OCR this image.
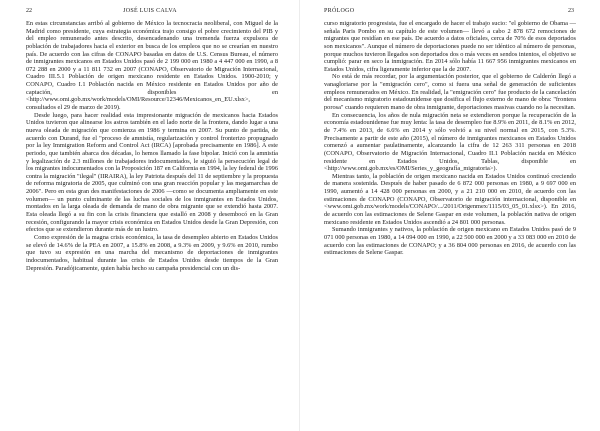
22	JOSÉ LUIS CALVA

En estas circunstancias arribó al gobierno de México la tecnocracia neoliberal, con Miguel de la Madrid como presidente, cuya estrategia económica trajo consigo el pobre crecimiento del PIB y del empleo remunerado antes descrito, desencadenando una tremenda fuerza expulsora de población de trabajadores hacia el exterior en busca de los empleos que no se crearían en nuestro país. De acuerdo con las cifras de CONAPO basadas en datos de U.S. Census Bureau, el número de inmigrantes mexicanos en Estados Unidos pasó de 2 199 000 en 1980 a 4 447 000 en 1990, a 8 072 288 en 2000 y a 11 811 732 en 2007 (CONAPO, Observatorio de Migración Internacional, Cuadro III.5.1 Población de origen mexicano residente en Estados Unidos. 1900-2010; y CONAPO, Cuadro I.1 Población nacida en México residente en Estados Unidos por año de captación, disponibles en <http://www.omi.gob.mx/work/models/OMI/Resource/12346/Mexicanos_en_EU.xlsx>, consultados el 29 de marzo de 2019).

Desde luego, para hacer realidad esta impresionante migración de mexicanos hacia Estados Unidos tuvieron que alinearse los astros también en el lado norte de la frontera, dando lugar a una nueva oleada de migración que comienza en 1986 y termina en 2007. Su punto de partida, de acuerdo con Durand, fue el "proceso de amnistía, regularización y control fronterizo propugnado por la ley Immigration Reform and Control Act (IRCA) [aprobada precisamente en 1986]. A este periodo, que también abarca dos décadas, lo hemos llamado la fase bipolar. Inició con la amnistía y legalización de 2.3 millones de trabajadores indocumentados, le siguió la persecución legal de los migrantes indocumentados con la Proposición 187 en California en 1994, la ley federal de 1996 contra la migración "ilegal" (IIRAIRA), la ley Patriota después del 11 de septiembre y la propuesta de reforma migratoria de 2005, que culminó con una gran reacción popular y las megamarchas de 2006". Pero en esta gran des manifestaciones de 2006 —como se documenta ampliamente en este volumen— un punto culminante de las luchas sociales de los inmigrantes en Estados Unidos, montados en la larga oleada de demanda de mano de obra migrante que se extendió hasta 2007. Esta oleada llegó a su fin con la crisis financiera que estalló en 2008 y desembocó en la Gran recesión, configurando la mayor crisis económica en Estados Unidos desde la Gran Depresión, con efectos que se extendieron durante más de un lustro.

Como expresión de la magna crisis económica, la tasa de desempleo abierto en Estados Unidos se elevó de 14.6% de la PEA en 2007, a 15.8% en 2008, a 9.3% en 2009, y 9.6% en 2010, rumbo que tuvo su expresión en una marcha del mecanismo de deportaciones de inmigrantes indocumentados, habitual durante las crisis de Estados Unidos desde tiempos de la Gran Depresión. Paradójicamente, quien había hecho su campaña presidencial con un dis-

PRÓLOGO	23

curso migratorio progresista, fue el encargado de hacer el trabajo sucio: "el gobierno de Obama —señala Paris Pombo en su capítulo de este volumen— llevó a cabo 2 878 672 remociones de migrantes que residían en ese país. De acuerdo a datos oficiales, cerca de 70% de esos deportados son mexicanos". Aunque el número de deportaciones puede no ser idéntico al número de personas, porque muchos tuvieron llegados son deportados dos o más veces en sendos intentos, el objetivo se cumplió: parar en seco la inmigración. En 2014 sólo había 11 667 956 inmigrantes mexicanos en Estados Unidos, cifra ligeramente inferior que la de 2007.

No está de más recordar, por la argumentación posterior, que el gobierno de Calderón llegó a vanagloriarse por la "emigración cero", como si fuera una señal de generación de suficientes empleos remunerados en México. En realidad, la "emigración cero" fue producto de la cancelación del mecanismo migratorio estadounidense que dosifica el flujo externo de mano de obra: "frontera porosa" cuando requieren mano de obra inmigrante, deportaciones masivas cuando no la necesitan.

En consecuencia, los años de nula migración neta se extendieron porque la recuperación de la economía estadounidense fue muy lenta: la tasa de desempleo fue 8.9% en 2011, de 8.1% en 2012, de 7.4% en 2013, de 6.6% en 2014 y sólo volvió a su nivel normal en 2015, con 5.3%. Precisamente a partir de este año (2015), el número de inmigrantes mexicanos en Estados Unidos comenzó a aumentar paulatinamente, alcanzando la cifra de 12 263 311 personas en 2018 (CONAPO, Observatorio de Migración Internacional, Cuadro II.1 Población nacida en México residente en Estados Unidos, Tablas, disponible en <http://www.omi.gob.mx/es/OMI/Series_y_geografía_migratoria>).

Mientras tanto, la población de origen mexicano nacida en Estados Unidos continuó creciendo de manera sostenida. Después de haber pasado de 6 872 000 personas en 1980, a 9 697 000 en 1990, aumentó a 14 428 000 personas en 2000, y a 21 210 000 en 2010, de acuerdo con las estimaciones de CONAPO (CONAPO, Observatorio de migración internacional, disponible en <www.omi.gob.mx/work/models/CONAPO/.../2011/Origenmex/1115/03_05_01.xlsx>). En 2016, de acuerdo con las estimaciones de Selene Gaspar en este volumen, la población nativa de origen mexicano residente en Estados Unidos ascendió a 24 801 000 personas.

Sumando inmigrantes y nativos, la población de origen mexicano en Estados Unidos pasó de 9 071 000 personas en 1980, a 14 094 000 en 1990, a 22 500 000 en 2000 y a 33 083 000 en 2010 de acuerdo con las estimaciones de CONAPO; y a 36 804 000 personas en 2016, de acuerdo con las estimaciones de Selene Gaspar.
